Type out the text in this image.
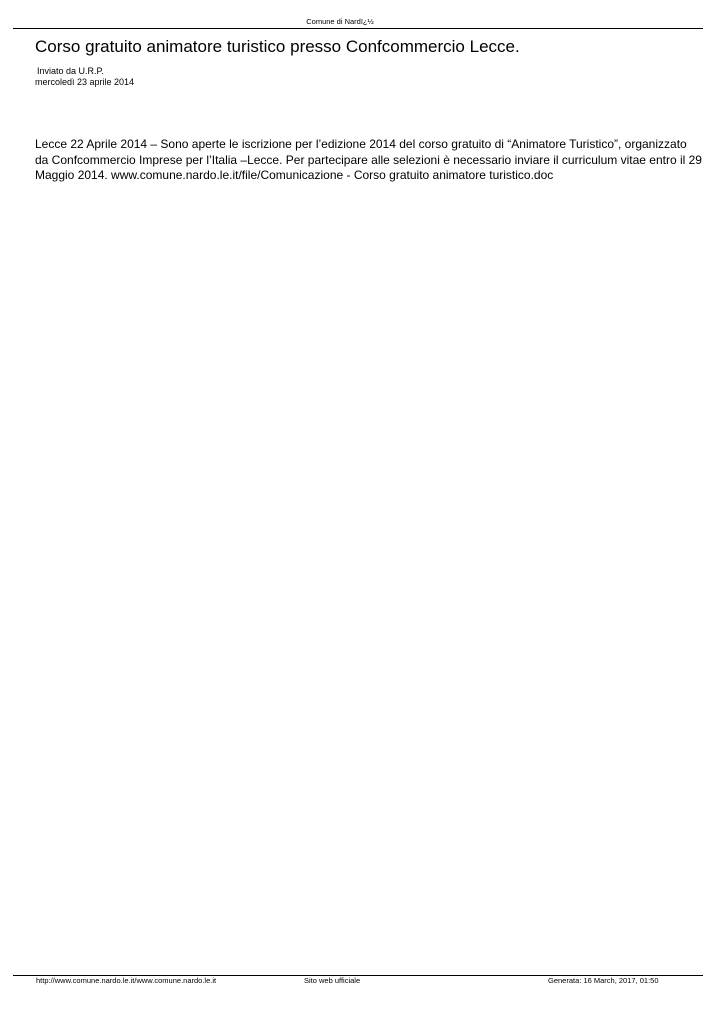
Comune di Nardï¿½
Corso gratuito animatore turistico presso Confcommercio Lecce.
Inviato da U.R.P.
mercoledì 23 aprile 2014

Lecce 22 Aprile 2014 – Sono aperte le iscrizione per l’edizione 2014 del corso gratuito di “Animatore Turistico”, organizzato da Confcommercio Imprese per l’Italia –Lecce. Per partecipare alle selezioni è necessario inviare il curriculum vitae entro il 29 Maggio 2014. www.comune.nardo.le.it/file/Comunicazione - Corso gratuito animatore turistico.doc

http://www.comune.nardo.le.it/www.comune.nardo.le.it	Sito web ufficiale	Generata: 16 March, 2017, 01:50
